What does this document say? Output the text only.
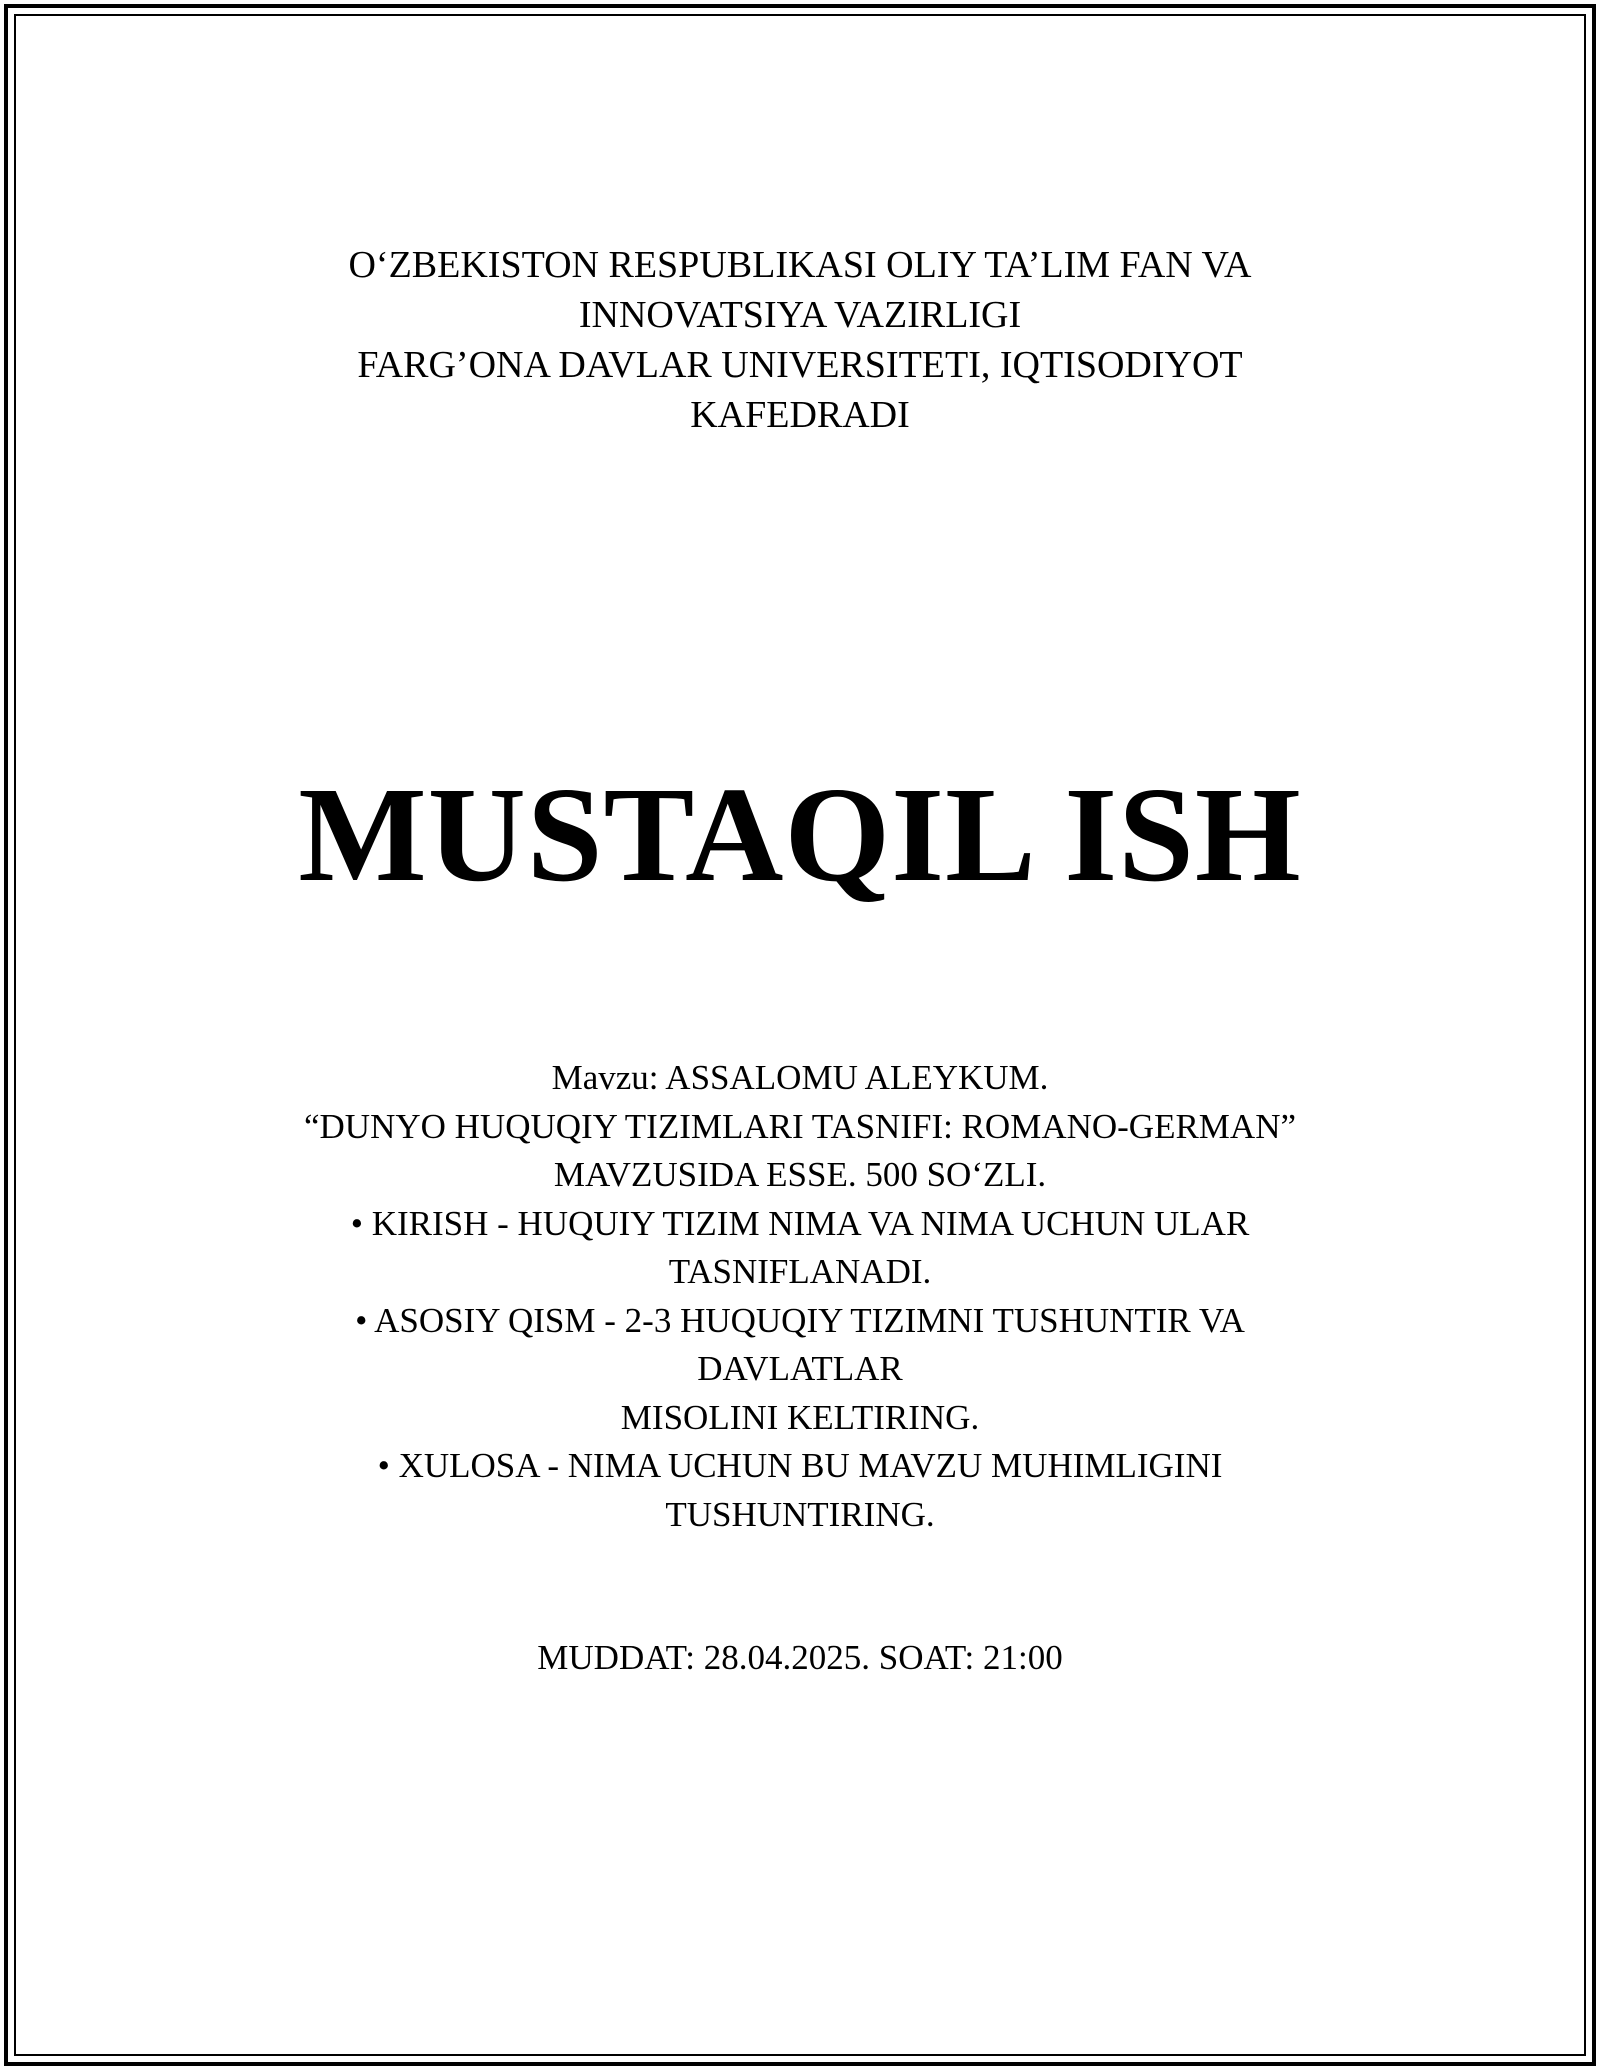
O‘ZBEKISTON RESPUBLIKASI OLIY TA’LIM FAN VA
INNOVATSIYA VAZIRLIGI
FARG’ONA DAVLAR UNIVERSITETI, IQTISODIYOT
KAFEDRADI
MUSTAQIL ISH
Mavzu: ASSALOMU ALEYKUM.
“DUNYO HUQUQIY TIZIMLARI TASNIFI: ROMANO-GERMAN”
MAVZUSIDA ESSE. 500 SO‘ZLI.
• KIRISH - HUQUIY TIZIM NIMA VA NIMA UCHUN ULAR
TASNIFLANADI.
• ASOSIY QISM - 2-3 HUQUQIY TIZIMNI TUSHUNTIR VA
DAVLATLAR
MISOLINI KELTIRING.
• XULOSA - NIMA UCHUN BU MAVZU MUHIMLIGINI
TUSHUNTIRING.
MUDDAT: 28.04.2025. SOAT: 21:00
